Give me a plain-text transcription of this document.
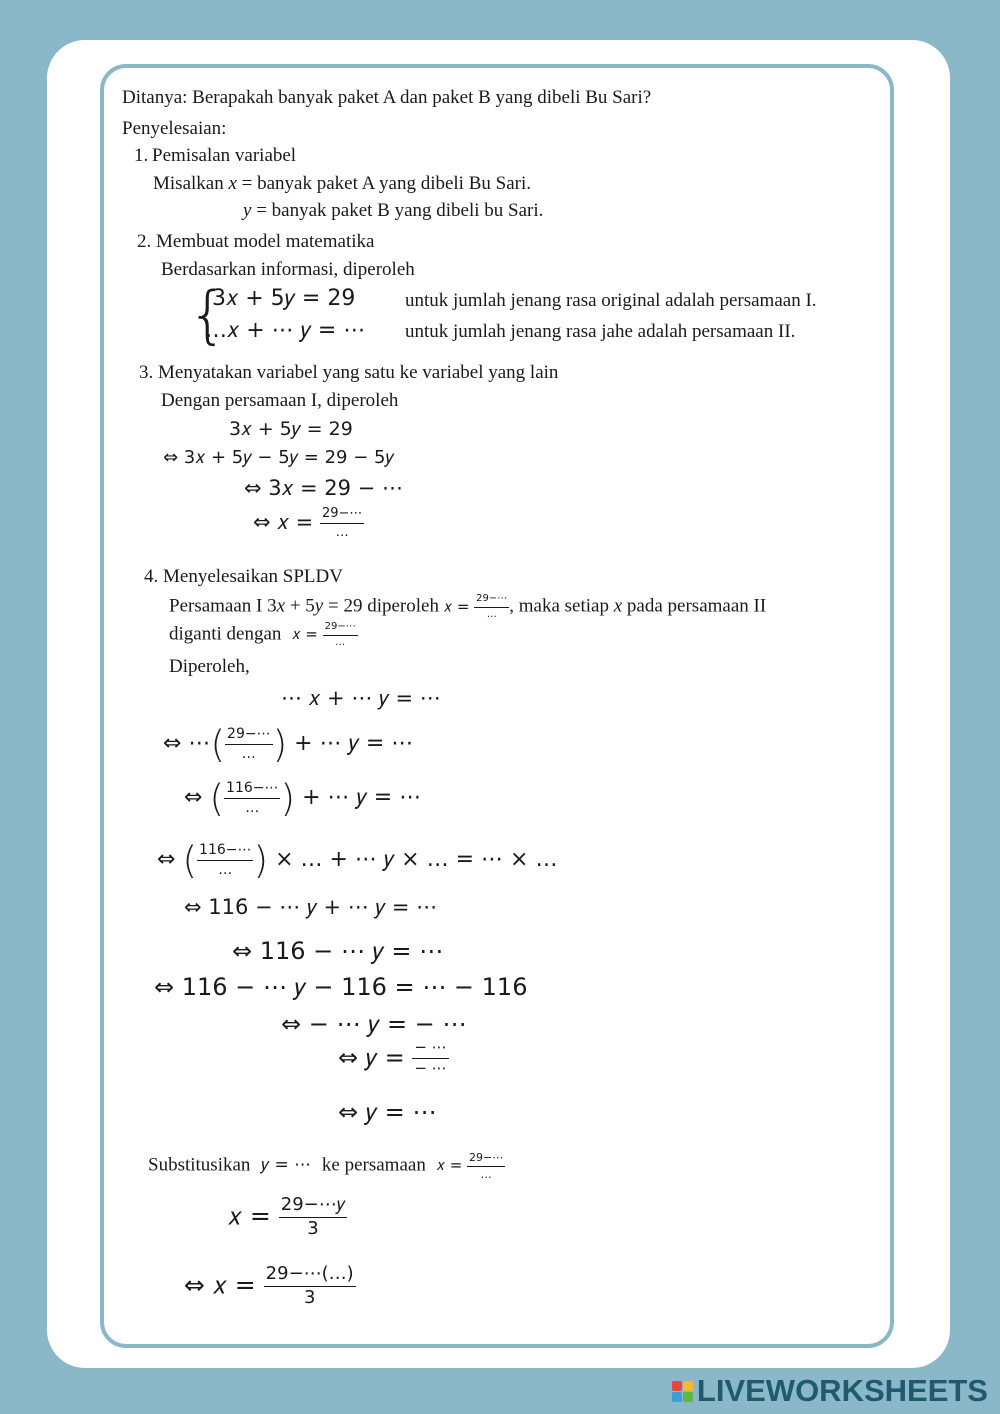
Ditanya: Berapakah banyak paket A dan paket B yang dibeli Bu Sari?
Penyelesaian:
1. Pemisalan variabel
Misalkan x = banyak paket A yang dibeli Bu Sari.
y = banyak paket B yang dibeli bu Sari.
2. Membuat model matematika
Berdasarkan informasi, diperoleh
{
3𝑥 + 5𝑦 = 29
…𝑥 + ⋯ 𝑦 = ⋯
untuk jumlah jenang rasa original adalah persamaan I.
untuk jumlah jenang rasa jahe adalah persamaan II.
3. Menyatakan variabel yang satu ke variabel yang lain
Dengan persamaan I, diperoleh
3𝑥 + 5𝑦 = 29
⇔ 3𝑥 + 5𝑦 − 5𝑦 = 29 − 5𝑦
⇔ 3𝑥 = 29 − ⋯
⇔ 𝑥 = $\frac{29-\cdots}{\dots}$
4. Menyelesaikan SPLDV
Persamaan I 3x + 5y = 29 diperoleh 𝑥 = $\frac{29-\cdots}{\dots}$ , maka setiap x pada persamaan II
diganti dengan 𝑥 = $\frac{29-\cdots}{\dots}$
Diperoleh,
⋯ 𝑥 + ⋯ 𝑦 = ⋯
⇔ ⋯( $\frac{29-\cdots}{\dots}$ ) + ⋯ 𝑦 = ⋯
⇔ ( $\frac{116-\cdots}{\dots}$ ) + ⋯ 𝑦 = ⋯
⇔ ( $\frac{116-\cdots}{\dots}$ ) × … + ⋯ 𝑦 × … = ⋯ × …
⇔ 116 − ⋯ 𝑦 + ⋯ 𝑦 = ⋯
⇔ 116 − ⋯ 𝑦 = ⋯
⇔ 116 − ⋯ 𝑦 − 116 = ⋯ − 116
⇔ − ⋯ 𝑦 = − ⋯
⇔ 𝑦 = $\frac{- \cdots}{- \cdots}$
⇔ 𝑦 = ⋯
Substitusikan 𝑦 = ⋯ ke persamaan 𝑥 = $\frac{29-\cdots}{\dots}$
𝑥 = $\frac{\text{29−⋯𝑦}}{3}$
⇔ 𝑥 = $\frac{29-\cdots(\dots)}{3}$
LIVEWORKSHEETS
